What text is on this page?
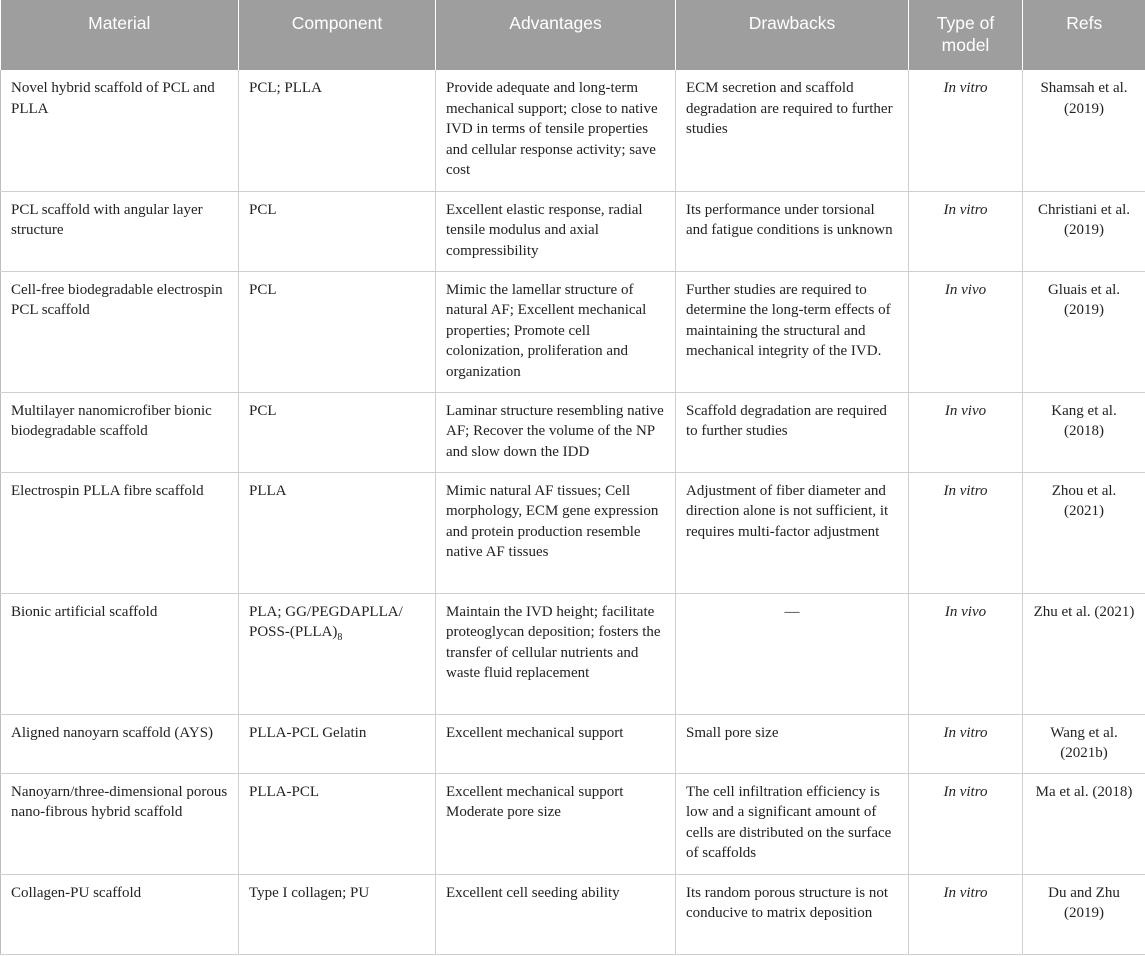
Material	Component	Advantages	Drawbacks	Type of model	Refs
Novel hybrid scaffold of PCL and PLLA	PCL; PLLA	Provide adequate and long-term mechanical support; close to native IVD in terms of tensile properties and cellular response activity; save cost	ECM secretion and scaffold degradation are required to further studies	In vitro	Shamsah et al. (2019)
PCL scaffold with angular layer structure	PCL	Excellent elastic response, radial tensile modulus and axial compressibility	Its performance under torsional and fatigue conditions is unknown	In vitro	Christiani et al. (2019)
Cell-free biodegradable electrospin PCL scaffold	PCL	Mimic the lamellar structure of natural AF; Excellent mechanical properties; Promote cell colonization, proliferation and organization	Further studies are required to determine the long-term effects of maintaining the structural and mechanical integrity of the IVD.	In vivo	Gluais et al. (2019)
Multilayer nanomicrofiber bionic biodegradable scaffold	PCL	Laminar structure resembling native AF; Recover the volume of the NP and slow down the IDD	Scaffold degradation are required to further studies	In vivo	Kang et al. (2018)
Electrospin PLLA fibre scaffold	PLLA	Mimic natural AF tissues; Cell morphology, ECM gene expression and protein production resemble native AF tissues	Adjustment of fiber diameter and direction alone is not sufficient, it requires multi-factor adjustment	In vitro	Zhou et al. (2021)
Bionic artificial scaffold	PLA; GG/PEGDAPLLA/ POSS-$(PLLA)_8$	Maintain the IVD height; facilitate proteoglycan deposition; fosters the transfer of cellular nutrients and waste fluid replacement	—	In vivo	Zhu et al. (2021)
Aligned nanoyarn scaffold (AYS)	PLLA-PCL Gelatin	Excellent mechanical support	Small pore size	In vitro	Wang et al. (2021b)
Nanoyarn/three-dimensional porous nano-fibrous hybrid scaffold	PLLA-PCL	Excellent mechanical support Moderate pore size	The cell infiltration efficiency is low and a significant amount of cells are distributed on the surface of scaffolds	In vitro	Ma et al. (2018)
Collagen-PU scaffold	Type I collagen; PU	Excellent cell seeding ability	Its random porous structure is not conducive to matrix deposition	In vitro	Du and Zhu (2019)
